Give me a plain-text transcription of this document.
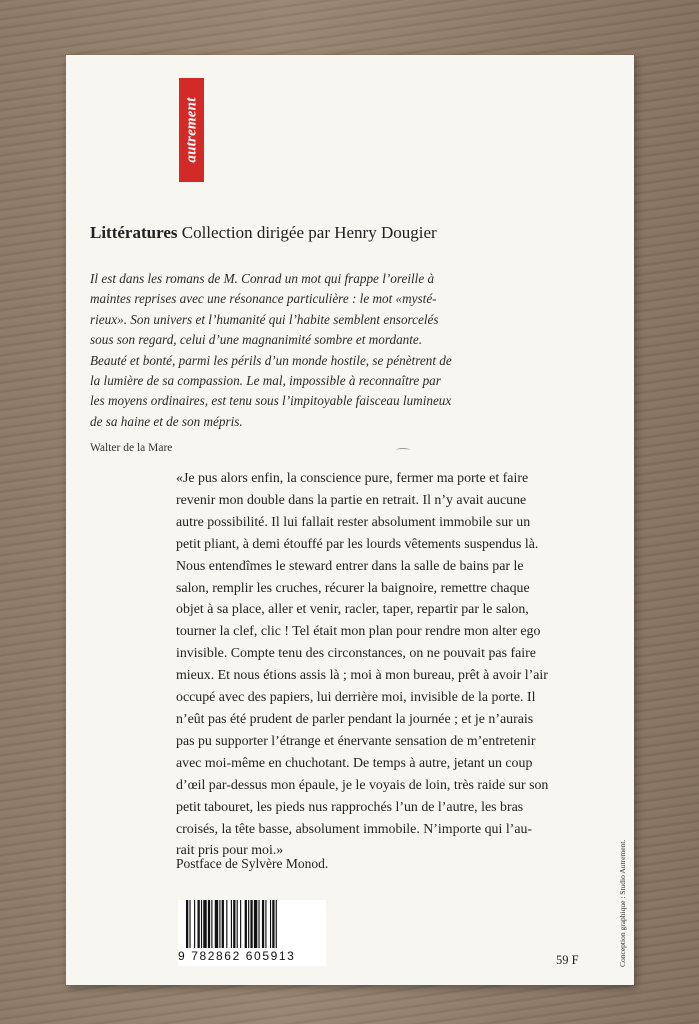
autrement
Littératures Collection dirigée par Henry Dougier
Il est dans les romans de M. Conrad un mot qui frappe l’oreille à
maintes reprises avec une résonance particulière : le mot «mysté-
rieux». Son univers et l’humanité qui l’habite semblent ensorcelés
sous son regard, celui d’une magnanimité sombre et mordante.
Beauté et bonté, parmi les périls d’un monde hostile, se pénètrent de
la lumière de sa compassion. Le mal, impossible à reconnaître par
les moyens ordinaires, est tenu sous l’impitoyable faisceau lumineux
de sa haine et de son mépris.
Walter de la Mare
«Je pus alors enfin, la conscience pure, fermer ma porte et faire
revenir mon double dans la partie en retrait. Il n’y avait aucune
autre possibilité. Il lui fallait rester absolument immobile sur un
petit pliant, à demi étouffé par les lourds vêtements suspendus là.
Nous entendîmes le steward entrer dans la salle de bains par le
salon, remplir les cruches, récurer la baignoire, remettre chaque
objet à sa place, aller et venir, racler, taper, repartir par le salon,
tourner la clef, clic ! Tel était mon plan pour rendre mon alter ego
invisible. Compte tenu des circonstances, on ne pouvait pas faire
mieux. Et nous étions assis là ; moi à mon bureau, prêt à avoir l’air
occupé avec des papiers, lui derrière moi, invisible de la porte. Il
n’eût pas été prudent de parler pendant la journée ; et je n’aurais
pas pu supporter l’étrange et énervante sensation de m’entretenir
avec moi-même en chuchotant. De temps à autre, jetant un coup
d’œil par-dessus mon épaule, je le voyais de loin, très raide sur son
petit tabouret, les pieds nus rapprochés l’un de l’autre, les bras
croisés, la tête basse, absolument immobile. N’importe qui l’au-
rait pris pour moi.»
Postface de Sylvère Monod.
9 782862 605913	59 F	Conception graphique : Studio Autrement.
